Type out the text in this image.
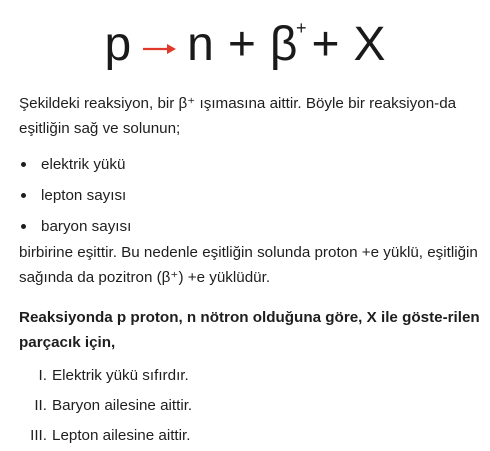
p → n + β
+ + X
Şekildeki reaksiyon, bir β⁺ ışımasına aittir. Böyle bir reaksiyon-da eşitliğin sağ ve solunun;
elektrik yükü
lepton sayısı
baryon sayısı
birbirine eşittir. Bu nedenle eşitliğin solunda proton +e yüklü, eşitliğin sağında da pozitron (β⁺) +e yüklüdür.
Reaksiyonda p proton, n nötron olduğuna göre, X ile göste-rilen parçacık için,
I. Elektrik yükü sıfırdır.
II. Baryon ailesine aittir.
III. Lepton ailesine aittir.
